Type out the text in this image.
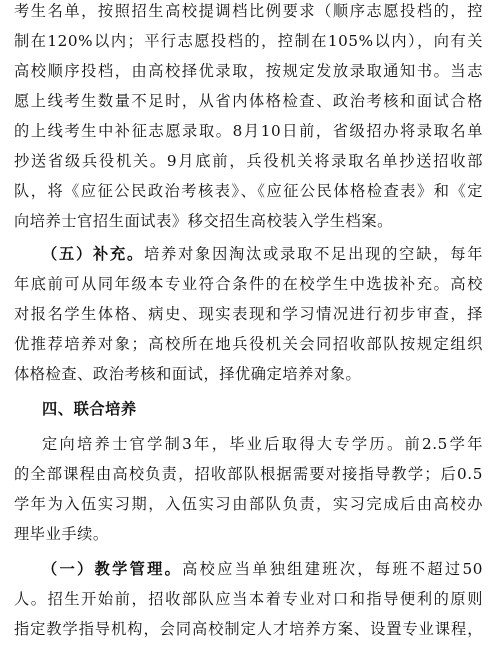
考生名单，按照招生高校提调档比例要求（顺序志愿投档的，控
制在120%以内；平行志愿投档的，控制在105%以内），向有关
高校顺序投档，由高校择优录取，按规定发放录取通知书。当志
愿上线考生数量不足时，从省内体格检查、政治考核和面试合格
的上线考生中补征志愿录取。8月10日前，省级招办将录取名单
抄送省级兵役机关。9月底前，兵役机关将录取名单抄送招收部
队，将《应征公民政治考核表》、《应征公民体格检查表》和《定
向培养士官招生面试表》移交招生高校装入学生档案。
（五）补充。培养对象因淘汰或录取不足出现的空缺，每年
年底前可从同年级本专业符合条件的在校学生中选拔补充。高校
对报名学生体格、病史、现实表现和学习情况进行初步审查，择
优推荐培养对象；高校所在地兵役机关会同招收部队按规定组织
体格检查、政治考核和面试，择优确定培养对象。
四、联合培养
定向培养士官学制3年，毕业后取得大专学历。前2.5学年
的全部课程由高校负责，招收部队根据需要对接指导教学；后0.5
学年为入伍实习期，入伍实习由部队负责，实习完成后由高校办
理毕业手续。
（一）教学管理。高校应当单独组建班次，每班不超过50
人。招生开始前，招收部队应当本着专业对口和指导便利的原则
指定教学指导机构，会同高校制定人才培养方案、设置专业课程，
